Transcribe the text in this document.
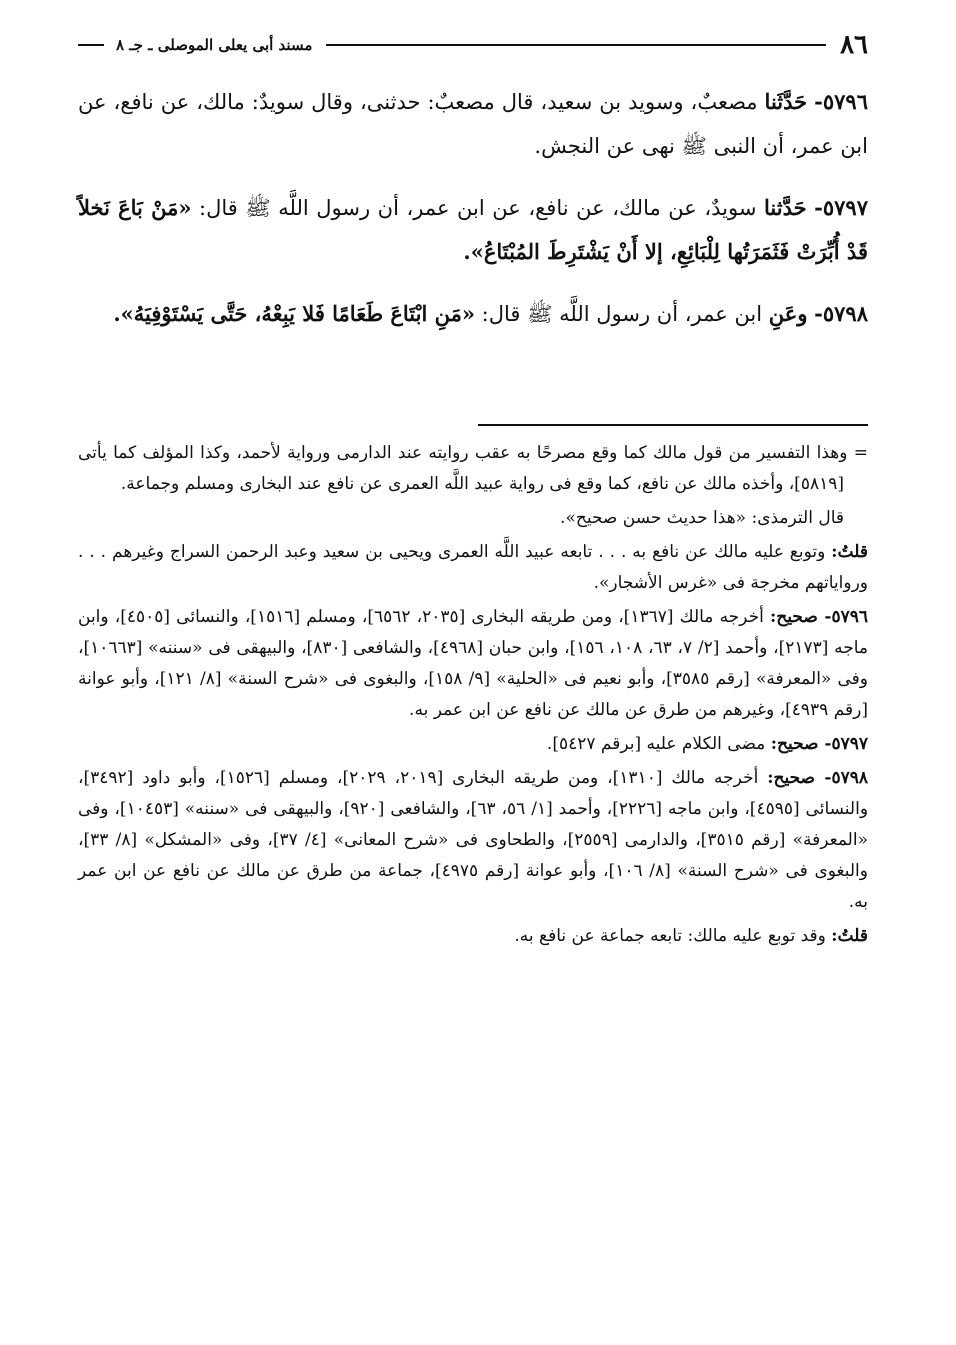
٨٦
مسند أبى يعلى الموصلى ـ جـ ٨

٥٧٩٦- حَدَّثَنا مصعبٌ، وسويد بن سعيد، قال مصعبٌ: حدثنى، وقال سويدٌ: مالك، عن نافع، عن ابن عمر، أن النبى ﷺ نهى عن النجش.

٥٧٩٧- حَدَّثنا سويدٌ، عن مالك، عن نافع، عن ابن عمر، أن رسول اللَّه ﷺ قال: «مَنْ بَاعَ نَخلاً قَدْ أُبِّرَتْ فَثَمَرَتُها لِلْبَائِعِ، إلا أَنْ يَشْتَرِطَ المُبْتَاعُ».

٥٧٩٨- وعَنِ ابن عمر، أن رسول اللَّه ﷺ قال: «مَنِ ابْتَاعَ طَعَامًا فَلا يَبِعْهُ، حَتَّى يَسْتَوْفِيَهُ».

= وهذا التفسير من قول مالك كما وقع مصرحًا به عقب روايته عند الدارمى ورواية لأحمد، وكذا المؤلف كما يأتى [٥٨١٩]، وأخذه مالك عن نافع، كما وقع فى رواية عبيد اللَّه العمرى عن نافع عند البخارى ومسلم وجماعة.

قال الترمذى: «هذا حديث حسن صحيح».

قلتُ: وتوبع عليه مالك عن نافع به . . . تابعه عبيد اللَّه العمرى ويحيى بن سعيد وعبد الرحمن السراج وغيرهم . . . ورواياتهم مخرجة فى «غرس الأشجار».

٥٧٩٦- صحيح: أخرجه مالك [١٣٦٧]، ومن طريقه البخارى [٢٠٣٥، ٦٥٦٢]، ومسلم [١٥١٦]، والنسائى [٤٥٠٥]، وابن ماجه [٢١٧٣]، وأحمد [٢/ ٧، ٦٣، ١٠٨، ١٥٦]، وابن حبان [٤٩٦٨]، والشافعى [٨٣٠]، والبيهقى فى «سننه» [١٠٦٦٣]، وفى «المعرفة» [رقم ٣٥٨٥]، وأبو نعيم فى «الحلية» [٩/ ١٥٨]، والبغوى فى «شرح السنة» [٨/ ١٢١]، وأبو عوانة [رقم ٤٩٣٩]، وغيرهم من طرق عن مالك عن نافع عن ابن عمر به.

٥٧٩٧- صحيح: مضى الكلام عليه [برقم ٥٤٢٧].

٥٧٩٨- صحيح: أخرجه مالك [١٣١٠]، ومن طريقه البخارى [٢٠١٩، ٢٠٢٩]، ومسلم [١٥٢٦]، وأبو داود [٣٤٩٢]، والنسائى [٤٥٩٥]، وابن ماجه [٢٢٢٦]، وأحمد [١/ ٥٦، ٦٣]، والشافعى [٩٢٠]، والبيهقى فى «سننه» [١٠٤٥٣]، وفى «المعرفة» [رقم ٣٥١٥]، والدارمى [٢٥٥٩]، والطحاوى فى «شرح المعانى» [٤/ ٣٧]، وفى «المشكل» [٨/ ٣٣]، والبغوى فى «شرح السنة» [٨/ ١٠٦]، وأبو عوانة [رقم ٤٩٧٥]، جماعة من طرق عن مالك عن نافع عن ابن عمر به.

قلتُ: وقد توبع عليه مالك: تابعه جماعة عن نافع به.
